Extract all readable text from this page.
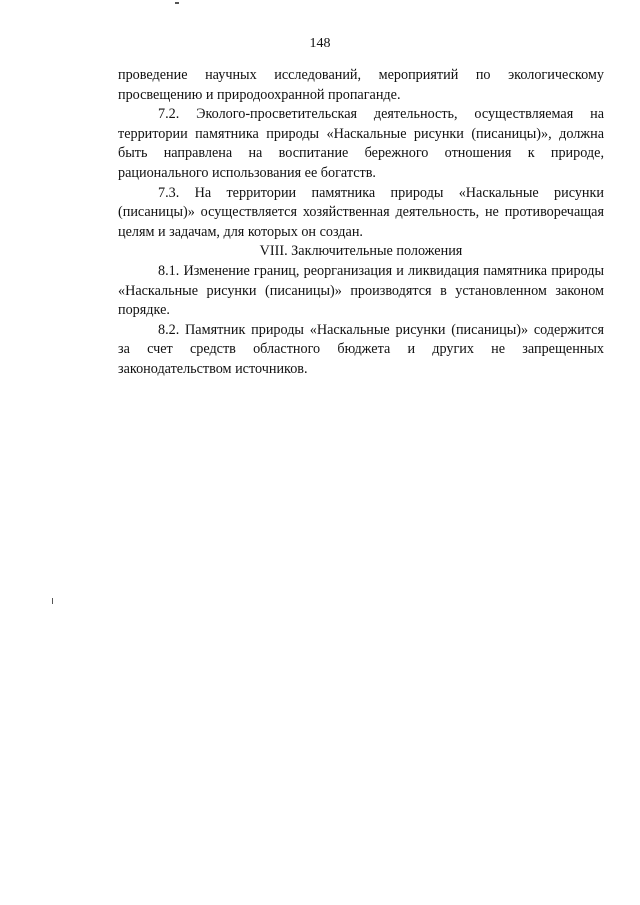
148

проведение научных исследований, мероприятий по экологическому просвещению и природоохранной пропаганде.

7.2. Эколого-просветительская деятельность, осуществляемая на территории памятника природы «Наскальные рисунки (писаницы)», должна быть направлена на воспитание бережного отношения к природе, рационального использования ее богатств.

7.3. На территории памятника природы «Наскальные рисунки (писаницы)» осуществляется хозяйственная деятельность, не противоречащая целям и задачам, для которых он создан.

VIII. Заключительные положения

8.1. Изменение границ, реорганизация и ликвидация памятника природы «Наскальные рисунки (писаницы)» производятся в установленном законом порядке.

8.2. Памятник природы «Наскальные рисунки (писаницы)» содержится за счет средств областного бюджета и других не запрещенных законодательством источников.
